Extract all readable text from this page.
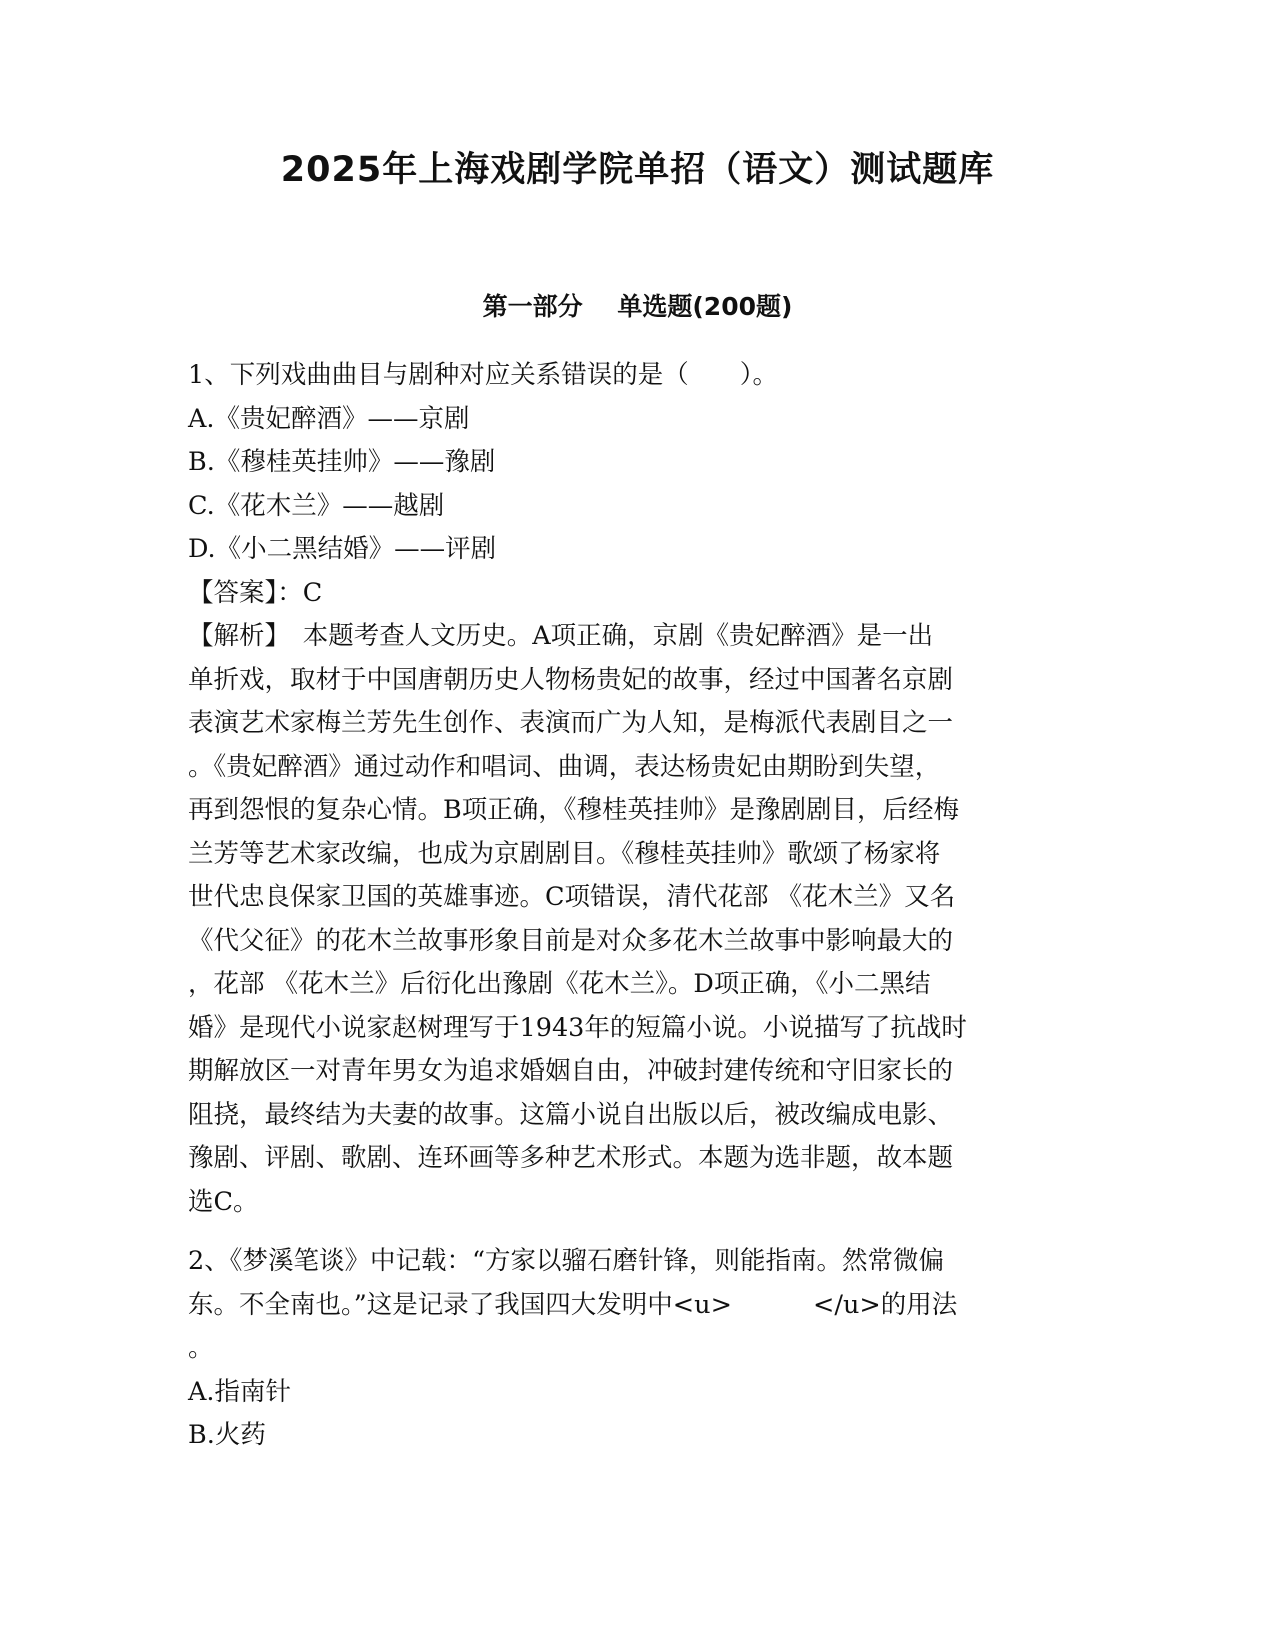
2025年上海戏剧学院单招（语文）测试题库
第一部分    单选题(200题)
1、下列戏曲曲目与剧种对应关系错误的是（　　）。
A.《贵妃醉酒》——京剧
B.《穆桂英挂帅》——豫剧
C.《花木兰》——越剧
D.《小二黑结婚》——评剧
【答案】：C
【解析】　本题考查人文历史。A项正确，京剧《贵妃醉酒》是一出
单折戏，取材于中国唐朝历史人物杨贵妃的故事，经过中国著名京剧
表演艺术家梅兰芳先生创作、表演而广为人知，是梅派代表剧目之一
。《贵妃醉酒》通过动作和唱词、曲调，表达杨贵妃由期盼到失望，
再到怨恨的复杂心情。B项正确，《穆桂英挂帅》是豫剧剧目，后经梅
兰芳等艺术家改编，也成为京剧剧目。《穆桂英挂帅》歌颂了杨家将
世代忠良保家卫国的英雄事迹。C项错误，清代花部 《花木兰》又名
《代父征》的花木兰故事形象目前是对众多花木兰故事中影响最大的
，花部 《花木兰》后衍化出豫剧《花木兰》。D项正确，《小二黑结
婚》是现代小说家赵树理写于1943年的短篇小说。小说描写了抗战时
期解放区一对青年男女为追求婚姻自由，冲破封建传统和守旧家长的
阻挠，最终结为夫妻的故事。这篇小说自出版以后，被改编成电影、
豫剧、评剧、歌剧、连环画等多种艺术形式。本题为选非题，故本题
选C。
2、《梦溪笔谈》中记载：“方家以骝石磨针锋，则能指南。然常微偏
东。不全南也。”这是记录了我国四大发明中<u>          </u>的用法
。
A.指南针
B.火药
